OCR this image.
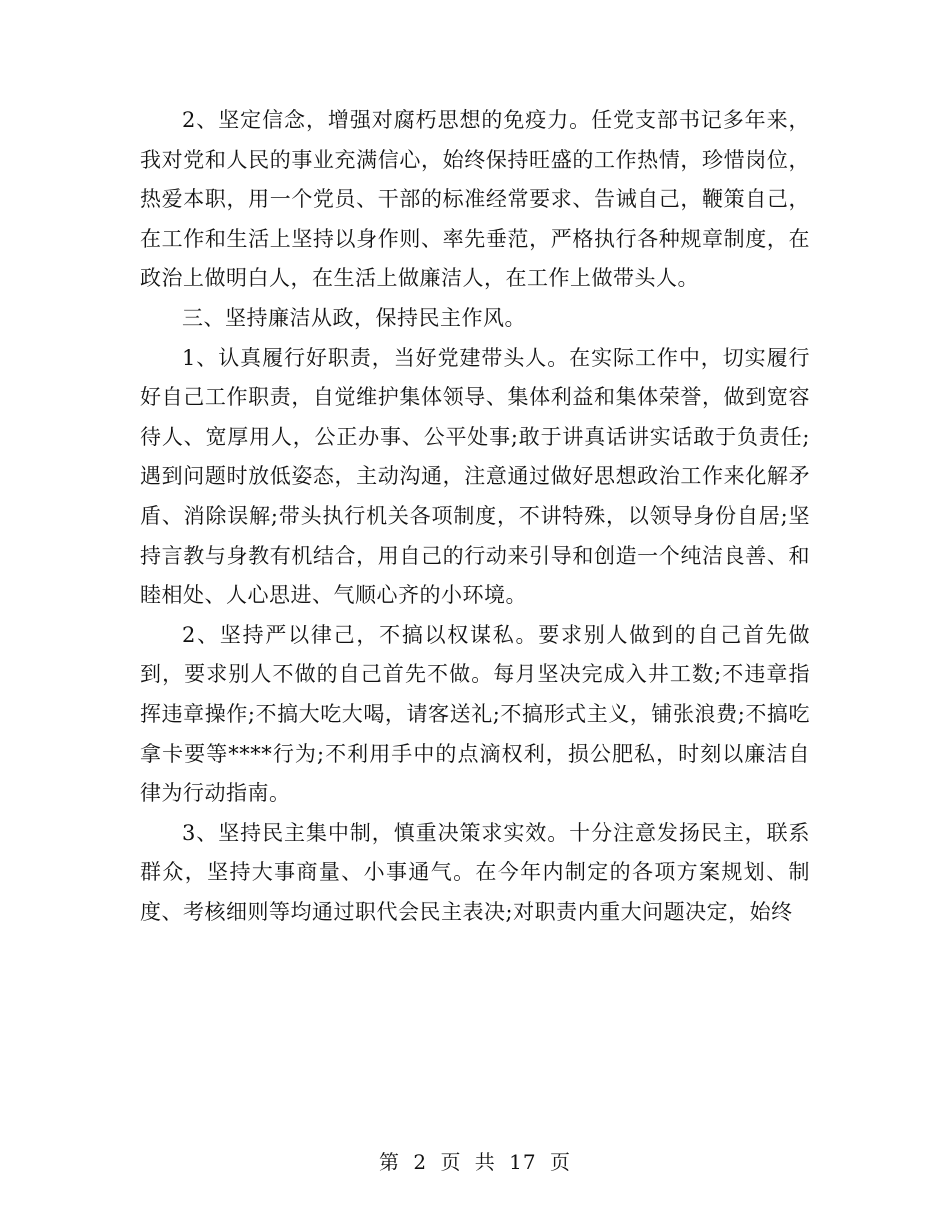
2、坚定信念，增强对腐朽思想的免疫力。任党支部书记多年来，我对党和人民的事业充满信心，始终保持旺盛的工作热情，珍惜岗位，热爱本职，用一个党员、干部的标准经常要求、告诫自己，鞭策自己，在工作和生活上坚持以身作则、率先垂范，严格执行各种规章制度，在政治上做明白人，在生活上做廉洁人，在工作上做带头人。

三、坚持廉洁从政，保持民主作风。

1、认真履行好职责，当好党建带头人。在实际工作中，切实履行好自己工作职责，自觉维护集体领导、集体利益和集体荣誉，做到宽容待人、宽厚用人，公正办事、公平处事;敢于讲真话讲实话敢于负责任;遇到问题时放低姿态，主动沟通，注意通过做好思想政治工作来化解矛盾、消除误解;带头执行机关各项制度，不讲特殊，以领导身份自居;坚持言教与身教有机结合，用自己的行动来引导和创造一个纯洁良善、和睦相处、人心思进、气顺心齐的小环境。

2、坚持严以律己，不搞以权谋私。要求别人做到的自己首先做到，要求别人不做的自己首先不做。每月坚决完成入井工数;不违章指挥违章操作;不搞大吃大喝，请客送礼;不搞形式主义，铺张浪费;不搞吃拿卡要等****行为;不利用手中的点滴权利，损公肥私，时刻以廉洁自律为行动指南。

3、坚持民主集中制，慎重决策求实效。十分注意发扬民主，联系群众，坚持大事商量、小事通气。在今年内制定的各项方案规划、制度、考核细则等均通过职代会民主表决;对职责内重大问题决定，始终

第 2 页 共 17 页
